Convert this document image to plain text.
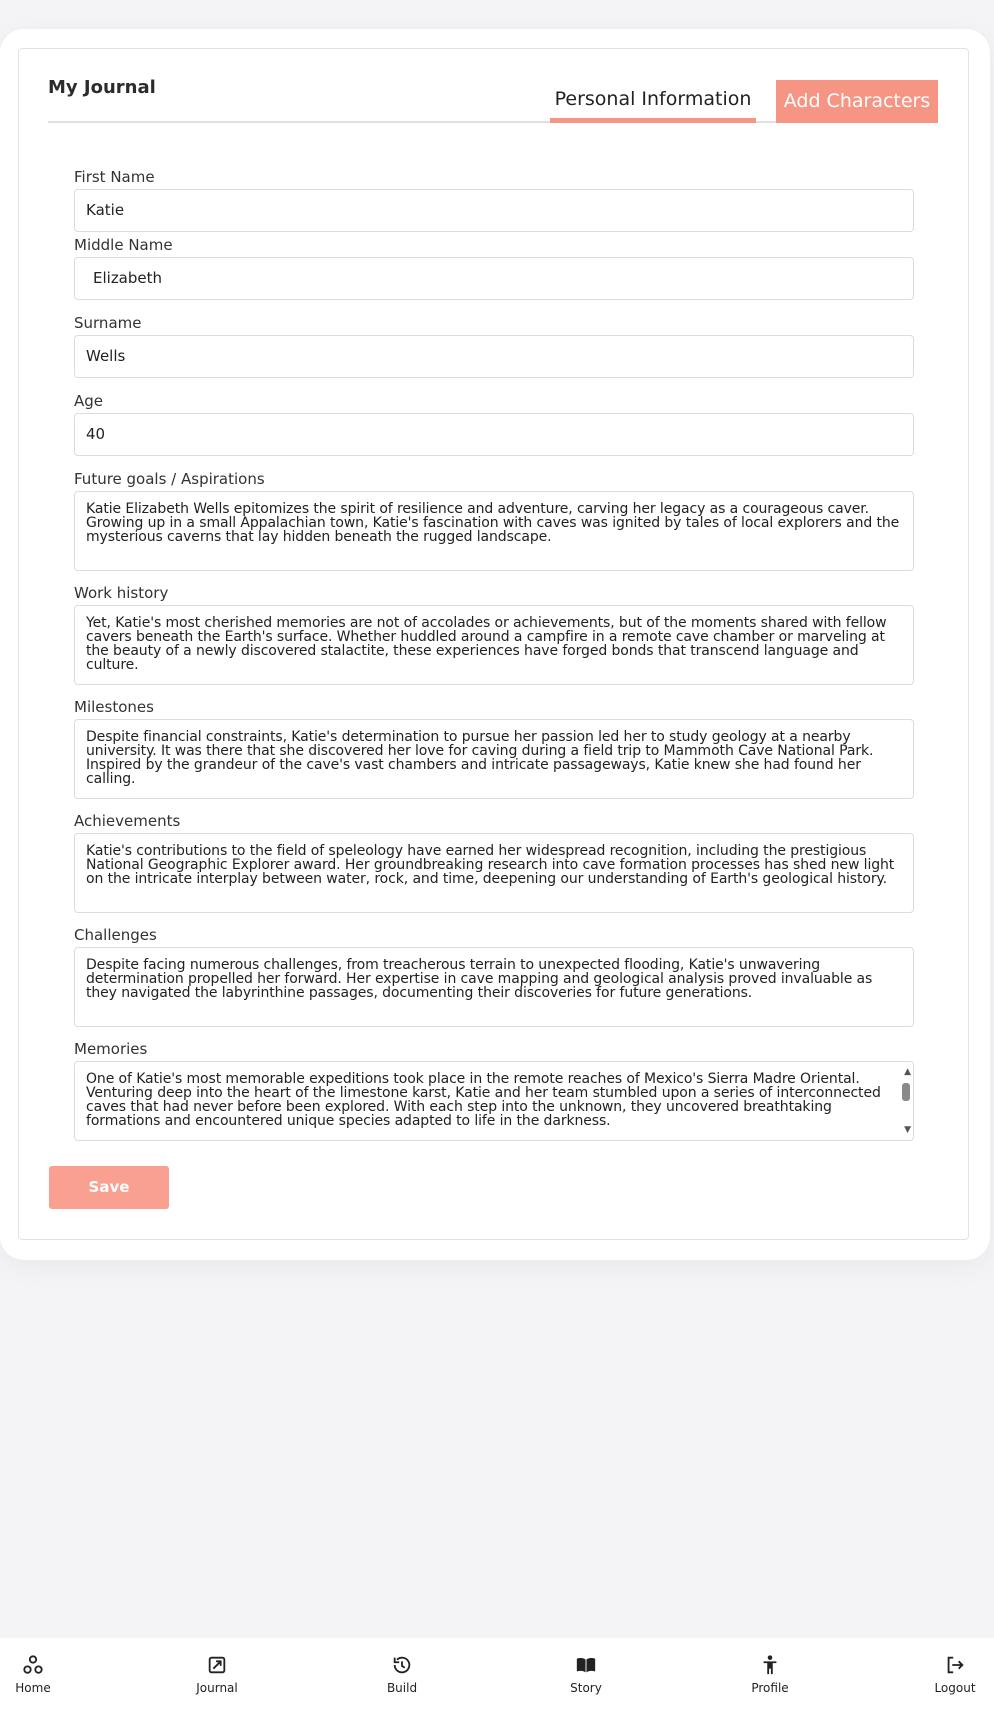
My Journal
Personal Information	Add Characters
First Name
Katie
Middle Name
Elizabeth
Surname
Wells
Age
40
Future goals / Aspirations
Katie Elizabeth Wells epitomizes the spirit of resilience and adventure, carving her legacy as a courageous caver. Growing up in a small Appalachian town, Katie's fascination with caves was ignited by tales of local explorers and the mysterious caverns that lay hidden beneath the rugged landscape.
Work history
Yet, Katie's most cherished memories are not of accolades or achievements, but of the moments shared with fellow cavers beneath the Earth's surface. Whether huddled around a campfire in a remote cave chamber or marveling at the beauty of a newly discovered stalactite, these experiences have forged bonds that transcend language and culture.
Milestones
Despite financial constraints, Katie's determination to pursue her passion led her to study geology at a nearby university. It was there that she discovered her love for caving during a field trip to Mammoth Cave National Park. Inspired by the grandeur of the cave's vast chambers and intricate passageways, Katie knew she had found her calling.
Achievements
Katie's contributions to the field of speleology have earned her widespread recognition, including the prestigious National Geographic Explorer award. Her groundbreaking research into cave formation processes has shed new light on the intricate interplay between water, rock, and time, deepening our understanding of Earth's geological history.
Challenges
Despite facing numerous challenges, from treacherous terrain to unexpected flooding, Katie's unwavering determination propelled her forward. Her expertise in cave mapping and geological analysis proved invaluable as they navigated the labyrinthine passages, documenting their discoveries for future generations.
Memories
One of Katie's most memorable expeditions took place in the remote reaches of Mexico's Sierra Madre Oriental. Venturing deep into the heart of the limestone karst, Katie and her team stumbled upon a series of interconnected caves that had never before been explored. With each step into the unknown, they uncovered breathtaking formations and encountered unique species adapted to life in the darkness.
▲
▼
Save
Home	Journal	Build	Story	Profile	Logout
